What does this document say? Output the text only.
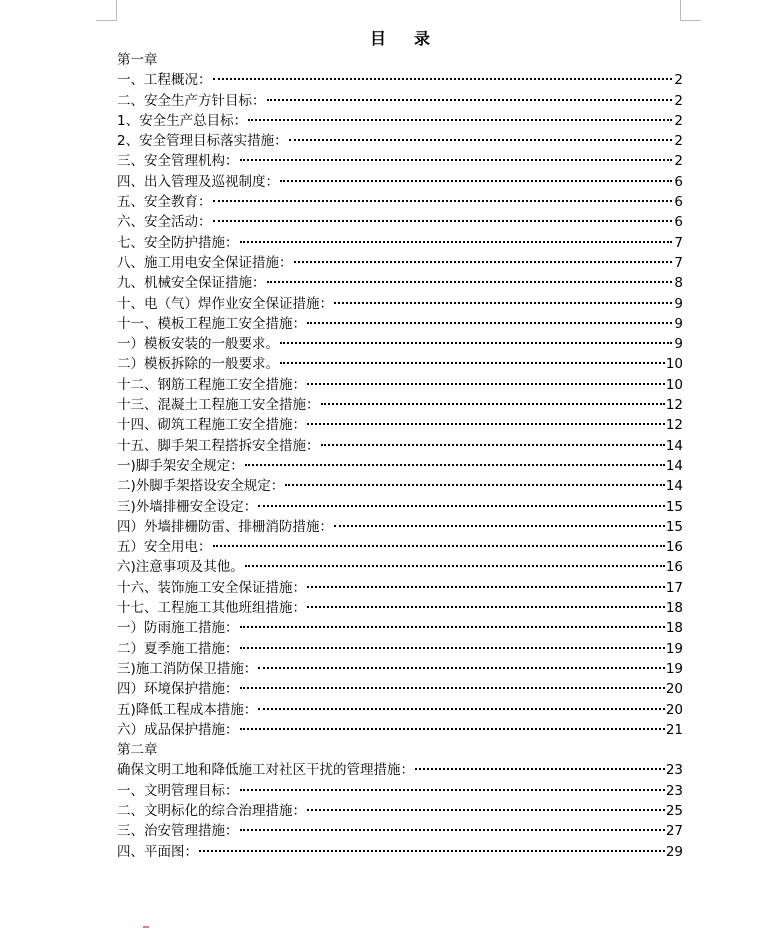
目 录
第一章
一、工程概况：	2
二、安全生产方针目标：	2
1、安全生产总目标：	2
2、安全管理目标落实措施：	2
三、安全管理机构：	2
四、出入管理及巡视制度：	6
五、安全教育：	6
六、安全活动：	6
七、安全防护措施：	7
八、施工用电安全保证措施：	7
九、机械安全保证措施：	8
十、电（气）焊作业安全保证措施：	9
十一、模板工程施工安全措施：	9
一）模板安装的一般要求。	9
二）模板拆除的一般要求。	10
十二、钢筋工程施工安全措施：	10
十三、混凝土工程施工安全措施：	12
十四、砌筑工程施工安全措施：	12
十五、脚手架工程搭拆安全措施：	14
一)脚手架安全规定：	14
二)外脚手架搭设安全规定：	14
三)外墙排栅安全设定：	15
四）外墙排栅防雷、排栅消防措施：	15
五）安全用电：	16
六)注意事项及其他。	16
十六、装饰施工安全保证措施：	17
十七、工程施工其他班组措施：	18
一）防雨施工措施：	18
二）夏季施工措施：	19
三)施工消防保卫措施：	19
四）环境保护措施：	20
五)降低工程成本措施：	20
六）成品保护措施：	21
第二章
确保文明工地和降低施工对社区干扰的管理措施：	23
一、文明管理目标：	23
二、文明标化的综合治理措施：	25
三、治安管理措施：	27
四、平面图：	29
